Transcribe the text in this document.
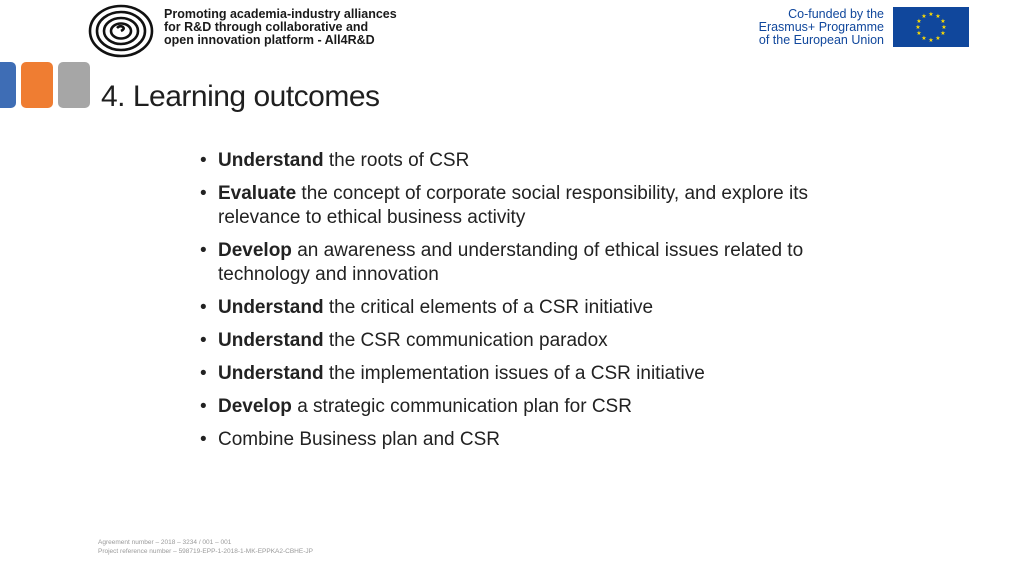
Promoting academia-industry alliances
for R&D through collaborative and
open innovation platform - All4R&D
Co-funded by the
Erasmus+ Programme
of the European Union
★ ★
★
★
★
★
★
★
★
★
★
★
4. Learning outcomes
• Understand the roots of CSR
• Evaluate the concept of corporate social responsibility, and explore its relevance to ethical business activity
• Develop an awareness and understanding of ethical issues related to technology and innovation
• Understand the critical elements of a CSR initiative
• Understand the CSR communication paradox
• Understand the implementation issues of a CSR initiative
• Develop a strategic communication plan for CSR
• Combine Business plan and CSR
Agreement number – 2018 – 3234 / 001 – 001
Project reference number – 598719-EPP-1-2018-1-MK-EPPKA2-CBHE-JP
